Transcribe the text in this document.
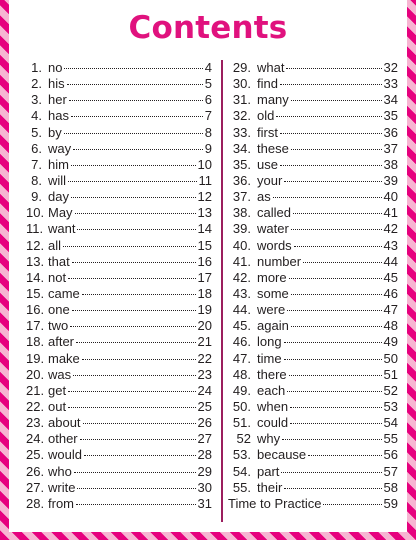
Contents
1. no	4
2. his	5
3. her	6
4. has	7
5. by	8
6. way	9
7. him	10
8. will	11
9. day	12
10. May	13
11. want	14
12. all	15
13. that	16
14. not	17
15. came	18
16. one	19
17. two	20
18. after	21
19. make	22
20. was	23
21. get	24
22. out	25
23. about	26
24. other	27
25. would	28
26. who	29
27. write	30
28. from	31
29. what	32
30. find	33
31. many	34
32. old	35
33. first	36
34. these	37
35. use	38
36. your	39
37. as	40
38. called	41
39. water	42
40. words	43
41. number	44
42. more	45
43. some	46
44. were	47
45. again	48
46. long	49
47. time	50
48. there	51
49. each	52
50. when	53
51. could	54
52 why	55
53. because	56
54. part	57
55. their	58
Time to Practice	59
